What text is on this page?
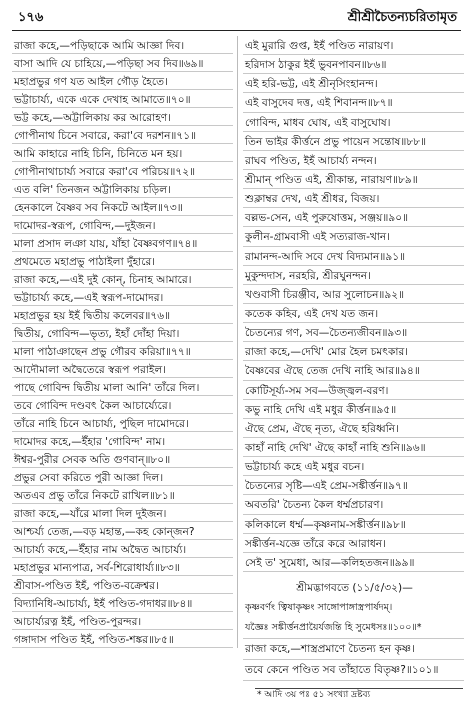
১৭৬	শ্রীশ্রীচৈতন্যচরিতামৃত
রাজা কহে,—পড়িছাকে আমি আজ্ঞা দিব।
বাসা আদি যে চাহিয়ে,—পড়িছা সব দিব॥৬৯॥
মহাপ্রভুর গণ যত আইল গৌড় হৈতে।
ভট্টাচার্য্য, একে একে দেখাহ আমাতে॥৭০॥
ভট্ট কহে,—অট্টালিকায় কর আরোহণ।
গোপীনাথ চিনে সবারে, করা'বে দরশন॥৭১॥
আমি কাহারে নাহি চিনি, চিনিতে মন হয়।
গোপীনাথাচার্য্য সবারে করা'বে পরিচয়॥৭২॥
এত বলি' তিনজন অট্টালিকায় চড়িল।
হেনকালে বৈষ্ণব সব নিকটে আইল॥৭৩॥
দামোদর-স্বরূপ, গোবিন্দ,—দুইজন।
মালা প্রসাদ লঞা যায়, যাঁহা বৈষ্ণবগণ॥৭৪॥
প্রথমেতে মহাপ্রভু পাঠাইলা দুঁহারে।
রাজা কহে,—এই দুই কোন্, চিনাহ আমারে।
ভট্টাচার্য্য কহে,—এই স্বরূপ-দামোদর।
মহাপ্রভুর হয় ইহঁ দ্বিতীয় কলেবর॥৭৬॥
দ্বিতীয়, গোবিন্দ—ভৃত্য, ইহাঁ দোঁহা দিয়া।
মালা পাঠাঞাছেন প্রভু গৌরব করিয়া॥৭৭॥
আদৌমালা অদ্বৈতেরে স্বরূপ পরাইল।
পাছে গোবিন্দ দ্বিতীয় মালা আনি' তাঁরে দিল।
তবে গোবিন্দ দণ্ডবৎ কৈল আচার্য্যেরে।
তাঁরে নাহি চিনে আচার্য্য, পুছিল দামোদরে।
দামোদর কহে,—ইঁহার 'গোবিন্দ' নাম।
ঈশ্বর-পুরীর সেবক অতি গুণবান্॥৮০॥
প্রভুর সেবা করিতে পুরী আজ্ঞা দিল।
অতএব প্রভু তাঁরে নিকটে রাখিল॥৮১॥
রাজা কহে,—যাঁরে মালা দিল দুইজন।
আশ্চর্য্য তেজ,—বড় মহান্ত,—কহ কোন্‌জন?
আচার্য্য কহে,—ইঁহার নাম অদ্বৈত আচার্য্য।
মহাপ্রভুর মান্যপাত্র, সর্ব-শিরোধার্য্য॥৮৩॥
শ্রীবাস-পণ্ডিত ইহঁ, পণ্ডিত-বক্রেশ্বর।
বিদ্যানিধি-আচার্য্য, ইহঁ পণ্ডিত-গদাধর॥৮৪॥
আচার্য্যরত্ন ইহঁ, পণ্ডিত-পুরন্দর।
গঙ্গাদাস পণ্ডিত ইহঁ, পণ্ডিত-শঙ্কর॥৮৫॥
এই মুরারি গুপ্ত, ইহঁ পণ্ডিত নারায়ণ।
হরিদাস ঠাকুর ইহঁ ভুবনপাবন॥৮৬॥
এই হরি-ভট্ট, এই শ্রীনৃসিংহানন্দ।
এই বাসুদেব দত্ত, এই শিবানন্দ॥৮৭॥
গোবিন্দ, মাধব ঘোষ, এই বাসুঘোষ।
তিন ভাইর কীর্ত্তনে প্রভু পায়েন সন্তোষ॥৮৮॥
রাঘব পণ্ডিত, ইহঁ আচার্য্য নন্দন।
শ্রীমান্ পণ্ডিত এই, শ্রীকান্ত, নারায়ণ॥৮৯॥
শুক্লাম্বর দেখ, এই শ্রীধর, বিজয়।
বল্লভ-সেন, এই পুরুষোত্তম, সঞ্জয়॥৯০॥
কুলীন-গ্রামবাসী এই সত্যরাজ-খান।
রামানন্দ-আদি সবে দেখ বিদ্যমান॥৯১॥
মুকুন্দদাস, নরহরি, শ্রীরঘুনন্দন।
খণ্ডবাসী চিরঞ্জীব, আর সুলোচন॥৯২॥
কতেক কহিব, এই দেখ যত জন।
চৈতন্যের গণ, সব—চৈতন্যজীবন॥৯৩॥
রাজা কহে,—দেখি' মোর হৈল চমৎকার।
বৈষ্ণবের ঐছে তেজ দেখি নাহি আর॥৯৪॥
কোটিসূর্য্য-সম সব—উজ্জ্বল-বরণ।
কভু নাহি দেখি এই মধুর কীর্ত্তন॥৯৫॥
ঐছে প্রেম, ঐছে নৃত্য, ঐছে হরিধ্বনি।
কাহাঁ নাহি দেখি' ঐছে কাহাঁ নাহি শুনি॥৯৬॥
ভট্টাচার্য্য কহে এই মধুর বচন।
চৈতন্যের সৃষ্টি—এই প্রেম-সঙ্কীর্ত্তন॥৯৭॥
অবতরি' চৈতন্য কৈল ধর্ম্মপ্রচারণ।
কলিকালে ধর্ম্ম—কৃষ্ণনাম-সঙ্কীর্ত্তন॥৯৮॥
সঙ্কীর্ত্তন-যজ্ঞে তাঁরে করে আরাধন।
সেই ত' সুমেধা, আর—কলিহতজন॥৯৯॥
শ্রীমদ্ভাগবতে (১১/৫/৩২)—
কৃষ্ণবর্ণং ত্বিষাকৃষ্ণং সাঙ্গোপাঙ্গাস্ত্রপার্ষদম্।
যজ্ঞৈঃ সঙ্কীর্ত্তনপ্রায়ৈর্যজন্তি হি সুমেধসঃ॥১০০॥*
রাজা কহে,—শাস্ত্রপ্রমাণে চৈতন্য হন কৃষ্ণ।
তবে কেনে পণ্ডিত সব তাঁহাতে বিতৃষ্ণ?॥১০১॥
* আদি ৩য় পঃ ৫১ সংখ্যা দ্রষ্টব্য
